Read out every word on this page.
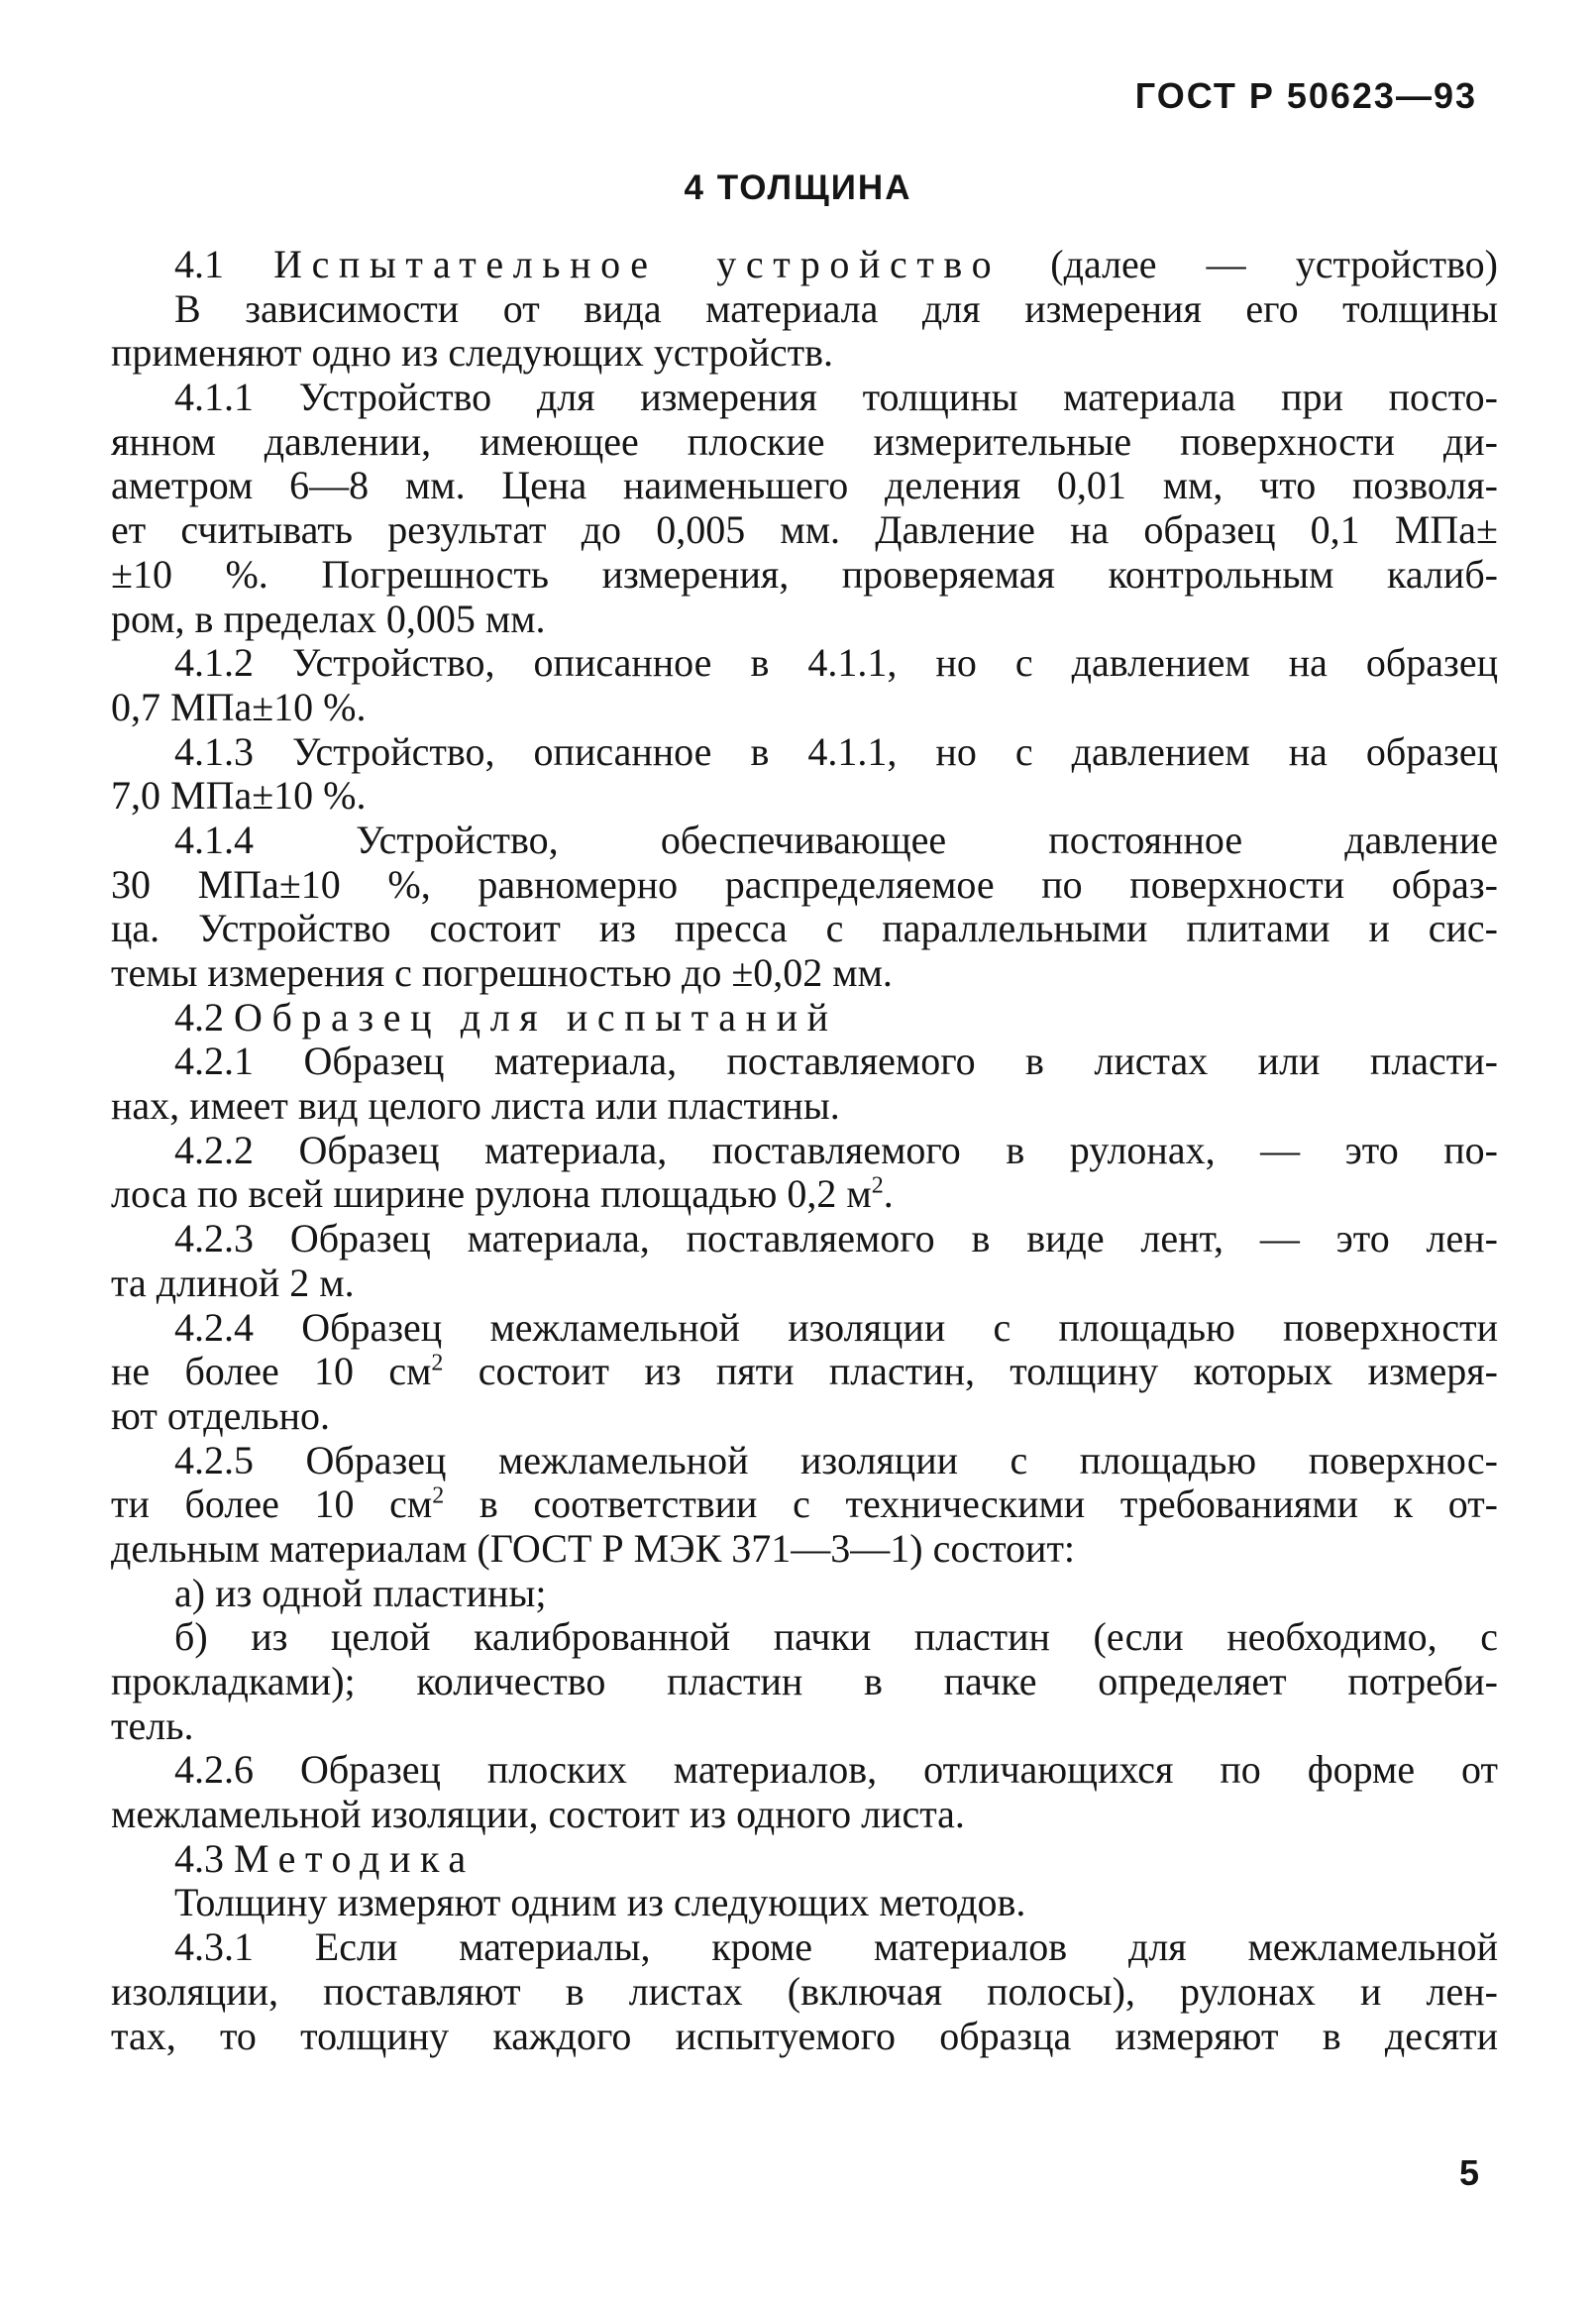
ГОСТ Р 50623—93
4 ТОЛЩИНА
4.1 Испытательное устройство (далее — устройство)
В зависимости от вида материала для измерения его толщины
применяют одно из следующих устройств.
4.1.1 Устройство для измерения толщины материала при посто-
янном давлении, имеющее плоские измерительные поверхности ди-
аметром 6—8 мм. Цена наименьшего деления 0,01 мм, что позволя-
ет считывать результат до 0,005 мм. Давление на образец 0,1 МПа±
±10 %. Погрешность измерения, проверяемая контрольным калиб-
ром, в пределах 0,005 мм.
4.1.2 Устройство, описанное в 4.1.1, но с давлением на образец
0,7 МПа±10 %.
4.1.3 Устройство, описанное в 4.1.1, но с давлением на образец
7,0 МПа±10 %.
4.1.4 Устройство, обеспечивающее постоянное давление
30 МПа±10 %, равномерно распределяемое по поверхности образ-
ца. Устройство состоит из пресса с параллельными плитами и сис-
темы измерения с погрешностью до ±0,02 мм.
4.2 Образец для испытаний
4.2.1 Образец материала, поставляемого в листах или пласти-
нах, имеет вид целого листа или пластины.
4.2.2 Образец материала, поставляемого в рулонах, — это по-
лоса по всей ширине рулона площадью 0,2 $м^2$.
4.2.3 Образец материала, поставляемого в виде лент, — это лен-
та длиной 2 м.
4.2.4 Образец межламельной изоляции с площадью поверхности
не более 10 $см^2$ состоит из пяти пластин, толщину которых измеря-
ют отдельно.
4.2.5 Образец межламельной изоляции с площадью поверхнос-
ти более 10 $см^2$ в соответствии с техническими требованиями к от-
дельным материалам (ГОСТ Р МЭК 371—3—1) состоит:
а) из одной пластины;
б) из целой калиброванной пачки пластин (если необходимо, с
прокладками); количество пластин в пачке определяет потреби-
тель.
4.2.6 Образец плоских материалов, отличающихся по форме от
межламельной изоляции, состоит из одного листа.
4.3 Методика
Толщину измеряют одним из следующих методов.
4.3.1 Если материалы, кроме материалов для межламельной
изоляции, поставляют в листах (включая полосы), рулонах и лен-
тах, то толщину каждого испытуемого образца измеряют в десяти
5
